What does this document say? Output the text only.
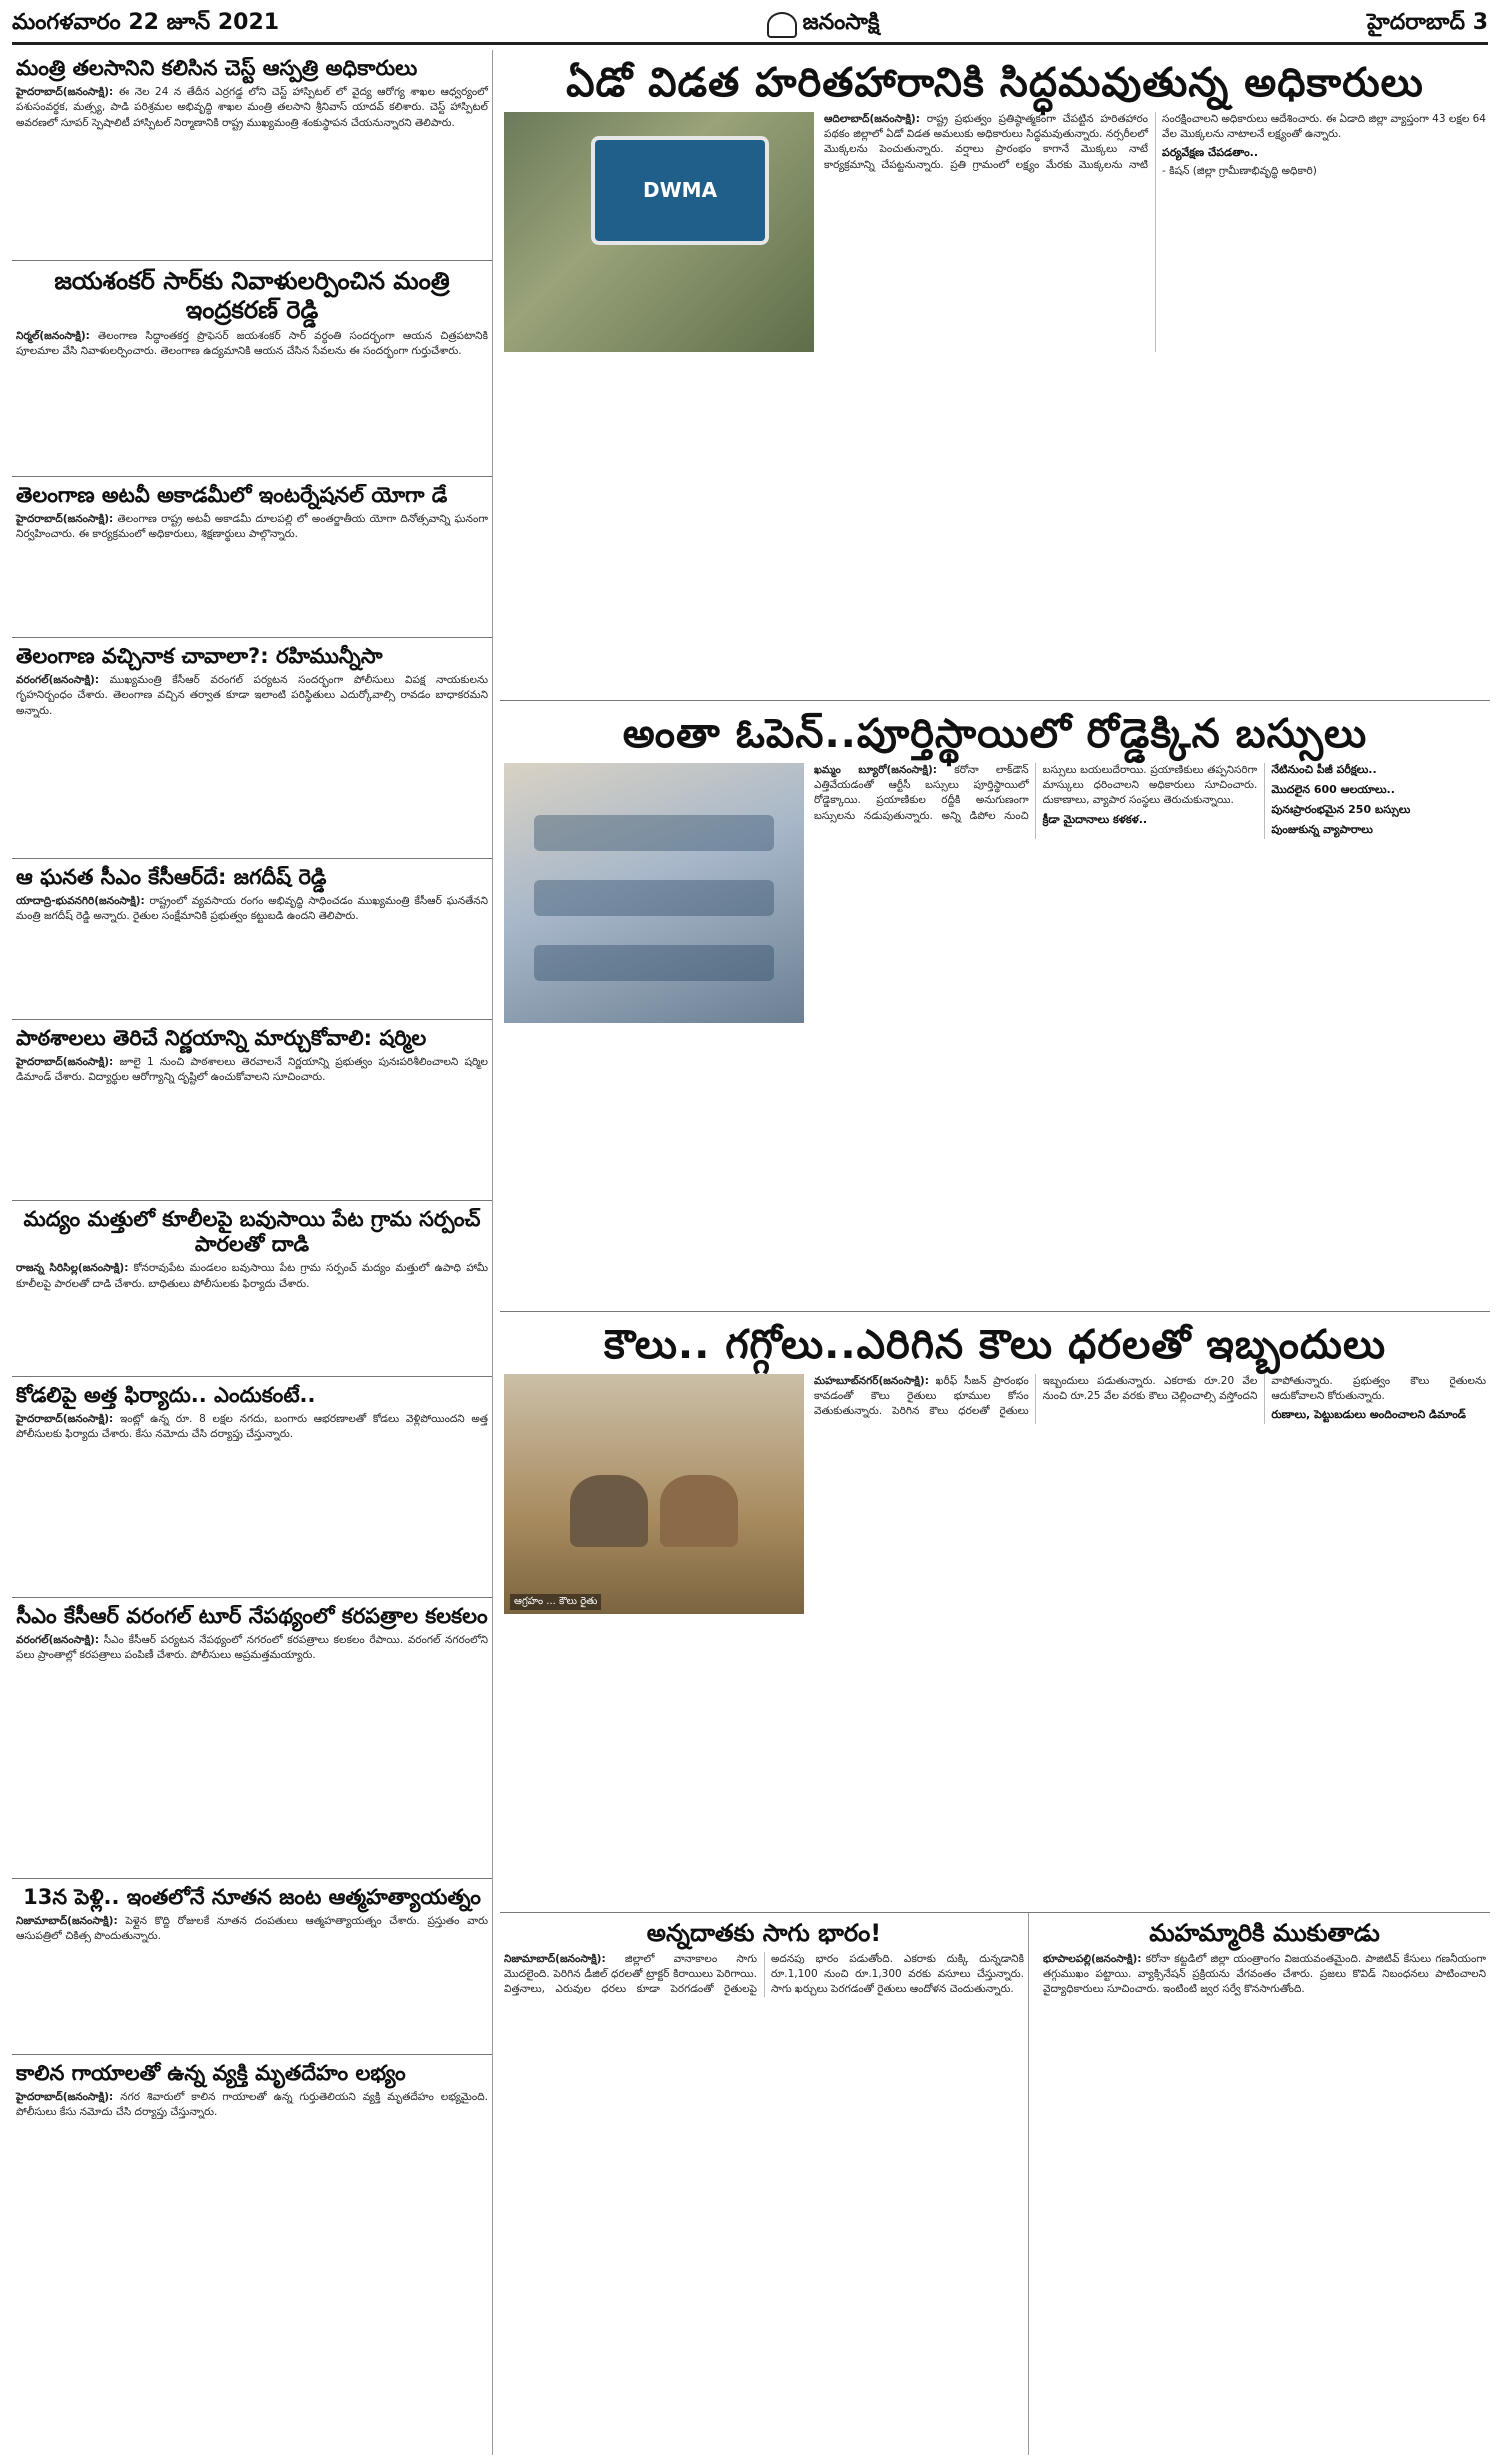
మంగళవారం 22 జూన్ 2021	జనంసాక్షి	హైదరాబాద్ 3
మంత్రి తలసానిని కలిసిన చెస్ట్ ఆస్పత్రి అధికారులు

హైదరాబాద్‌(జనంసాక్షి): ఈ నెల 24 న తేదీన ఎర్రగడ్డ లోని చెస్ట్ హాస్పిటల్ లో వైద్య ఆరోగ్య శాఖల ఆధ్వర్యంలో పశుసంవర్థక, మత్స్య, పాడి పరిశ్రమల అభివృద్ధి శాఖల మంత్రి తలసాని శ్రీనివాస్ యాదవ్ కలిశారు. చెస్ట్ హాస్పిటల్ అవరణలో సూపర్ స్పెషాలిటీ హాస్పిటల్ నిర్మాణానికి రాష్ట్ర ముఖ్యమంత్రి శంకుస్థాపన చేయనున్నారని తెలిపారు.

జయశంకర్ సార్‌కు నివాళులర్పించిన మంత్రి ఇంద్రకరణ్ రెడ్డి

నిర్మల్‌(జనంసాక్షి): తెలంగాణ సిద్ధాంతకర్త ప్రొఫెసర్ జయశంకర్ సార్ వర్ధంతి సందర్భంగా ఆయన చిత్రపటానికి పూలమాల వేసి నివాళులర్పించారు. తెలంగాణ ఉద్యమానికి ఆయన చేసిన సేవలను ఈ సందర్భంగా గుర్తుచేశారు.

తెలంగాణ అటవీ అకాడమీలో ఇంటర్నేషనల్ యోగా డే

హైదరాబాద్‌(జనంసాక్షి): తెలంగాణ రాష్ట్ర అటవీ అకాడమీ దూలపల్లి లో అంతర్జాతీయ యోగా దినోత్సవాన్ని ఘనంగా నిర్వహించారు. ఈ కార్యక్రమంలో అధికారులు, శిక్షణార్థులు పాల్గొన్నారు.

తెలంగాణ వచ్చినాక చావాలా?: రహిమున్నీసా

వరంగల్‌(జనంసాక్షి): ముఖ్యమంత్రి కేసీఆర్ వరంగల్ పర్యటన సందర్భంగా పోలీసులు విపక్ష నాయకులను గృహనిర్బంధం చేశారు. తెలంగాణ వచ్చిన తర్వాత కూడా ఇలాంటి పరిస్థితులు ఎదుర్కోవాల్సి రావడం బాధాకరమని అన్నారు.

ఆ ఘనత సీఎం కేసీఆర్‌దే: జగదీష్ రెడ్డి

యాదాద్రి-భువనగిరి(జనంసాక్షి): రాష్ట్రంలో వ్యవసాయ రంగం అభివృద్ధి సాధించడం ముఖ్యమంత్రి కేసీఆర్ ఘనతేనని మంత్రి జగదీష్ రెడ్డి అన్నారు. రైతుల సంక్షేమానికి ప్రభుత్వం కట్టుబడి ఉందని తెలిపారు.

పాఠశాలలు తెరిచే నిర్ణయాన్ని మార్చుకోవాలి: షర్మిల

హైదరాబాద్‌(జనంసాక్షి): జూలై 1 నుంచి పాఠశాలలు తెరవాలనే నిర్ణయాన్ని ప్రభుత్వం పునఃపరిశీలించాలని షర్మిల డిమాండ్ చేశారు. విద్యార్థుల ఆరోగ్యాన్ని దృష్టిలో ఉంచుకోవాలని సూచించారు.

మద్యం మత్తులో కూలీలపై బవుసాయి పేట గ్రామ సర్పంచ్ పారలతో దాడి

రాజన్న సిరిసిల్ల(జనంసాక్షి): కోనరావుపేట మండలం బవుసాయి పేట గ్రామ సర్పంచ్ మద్యం మత్తులో ఉపాధి హామీ కూలీలపై పారలతో దాడి చేశారు. బాధితులు పోలీసులకు ఫిర్యాదు చేశారు.

కోడలిపై అత్త ఫిర్యాదు.. ఎందుకంటే..

హైదరాబాద్‌(జనంసాక్షి): ఇంట్లో ఉన్న రూ. 8 లక్షల నగదు, బంగారు ఆభరణాలతో కోడలు వెళ్లిపోయిందని అత్త పోలీసులకు ఫిర్యాదు చేశారు. కేసు నమోదు చేసి దర్యాప్తు చేస్తున్నారు.

సీఎం కేసీఆర్ వరంగల్ టూర్ నేపథ్యంలో కరపత్రాల కలకలం

వరంగల్‌(జనంసాక్షి): సీఎం కేసీఆర్ పర్యటన నేపథ్యంలో నగరంలో కరపత్రాలు కలకలం రేపాయి. వరంగల్ నగరంలోని పలు ప్రాంతాల్లో కరపత్రాలు పంపిణీ చేశారు. పోలీసులు అప్రమత్తమయ్యారు.

13న పెళ్లి.. ఇంతలోనే నూతన జంట ఆత్మహత్యాయత్నం

నిజామాబాద్‌(జనంసాక్షి): పెళ్లైన కొద్ది రోజులకే నూతన దంపతులు ఆత్మహత్యాయత్నం చేశారు. ప్రస్తుతం వారు ఆసుపత్రిలో చికిత్స పొందుతున్నారు.

కాలిన గాయాలతో ఉన్న వ్యక్తి మృతదేహం లభ్యం

హైదరాబాద్‌(జనంసాక్షి): నగర శివారులో కాలిన గాయాలతో ఉన్న గుర్తుతెలియని వ్యక్తి మృతదేహం లభ్యమైంది. పోలీసులు కేసు నమోదు చేసి దర్యాప్తు చేస్తున్నారు.

ఏడో విడత హరితహారానికి సిద్ధమవుతున్న అధికారులు
DWMA

ఆదిలాబాద్‌(జనంసాక్షి): రాష్ట్ర ప్రభుత్వం ప్రతిష్ఠాత్మకంగా చేపట్టిన హరితహారం పథకం జిల్లాలో ఏడో విడత అమలుకు అధికారులు సిద్ధమవుతున్నారు. నర్సరీలలో మొక్కలను పెంచుతున్నారు. వర్షాలు ప్రారంభం కాగానే మొక్కలు నాటే కార్యక్రమాన్ని చేపట్టనున్నారు. ప్రతి గ్రామంలో లక్ష్యం మేరకు మొక్కలను నాటి సంరక్షించాలని అధికారులు ఆదేశించారు. ఈ ఏడాది జిల్లా వ్యాప్తంగా 43 లక్షల 64 వేల మొక్కలను నాటాలనే లక్ష్యంతో ఉన్నారు.

పర్యవేక్షణ చేపడతాం..

- కిషన్ (జిల్లా గ్రామీణాభివృద్ధి అధికారి)

అంతా ఓపెన్..పూర్తిస్థాయిలో రోడ్డెక్కిన బస్సులు

ఖమ్మం బ్యూరో(జనంసాక్షి): కరోనా లాక్‌డౌన్ ఎత్తివేయడంతో ఆర్టీసీ బస్సులు పూర్తిస్థాయిలో రోడ్డెక్కాయి. ప్రయాణికుల రద్దీకి అనుగుణంగా బస్సులను నడుపుతున్నారు. అన్ని డిపోల నుంచి బస్సులు బయలుదేరాయి. ప్రయాణికులు తప్పనిసరిగా మాస్కులు ధరించాలని అధికారులు సూచించారు. దుకాణాలు, వ్యాపార సంస్థలు తెరుచుకున్నాయి.

క్రీడా మైదానాలు కళకళ..
నేటినుంచి పీజీ పరీక్షలు..
మొదలైన 600 ఆలయాలు..
పునఃప్రారంభమైన 250 బస్సులు
పుంజుకున్న వ్యాపారాలు
కౌలు.. గగ్గోలు..ఎరిగిన కౌలు ధరలతో ఇబ్బందులు
ఆగ్రహం ... కౌలు రైతు

మహబూబ్‌నగర్‌(జనంసాక్షి): ఖరీఫ్ సీజన్ ప్రారంభం కావడంతో కౌలు రైతులు భూముల కోసం వెతుకుతున్నారు. పెరిగిన కౌలు ధరలతో రైతులు ఇబ్బందులు పడుతున్నారు. ఎకరాకు రూ.20 వేల నుంచి రూ.25 వేల వరకు కౌలు చెల్లించాల్సి వస్తోందని వాపోతున్నారు. ప్రభుత్వం కౌలు రైతులను ఆదుకోవాలని కోరుతున్నారు.

రుణాలు, పెట్టుబడులు అందించాలని డిమాండ్
అన్నదాతకు సాగు భారం!

నిజామాబాద్‌(జనంసాక్షి): జిల్లాలో వానాకాలం సాగు మొదలైంది. పెరిగిన డీజిల్ ధరలతో ట్రాక్టర్ కిరాయిలు పెరిగాయి. విత్తనాలు, ఎరువుల ధరలు కూడా పెరగడంతో రైతులపై అదనపు భారం పడుతోంది. ఎకరాకు దుక్కి దున్నడానికి రూ.1,100 నుంచి రూ.1,300 వరకు వసూలు చేస్తున్నారు. సాగు ఖర్చులు పెరగడంతో రైతులు ఆందోళన చెందుతున్నారు.

మహమ్మారికి ముకుతాడు

భూపాలపల్లి(జనంసాక్షి): కరోనా కట్టడిలో జిల్లా యంత్రాంగం విజయవంతమైంది. పాజిటివ్ కేసులు గణనీయంగా తగ్గుముఖం పట్టాయి. వ్యాక్సినేషన్ ప్రక్రియను వేగవంతం చేశారు. ప్రజలు కొవిడ్ నిబంధనలు పాటించాలని వైద్యాధికారులు సూచించారు. ఇంటింటి జ్వర సర్వే కొనసాగుతోంది.
